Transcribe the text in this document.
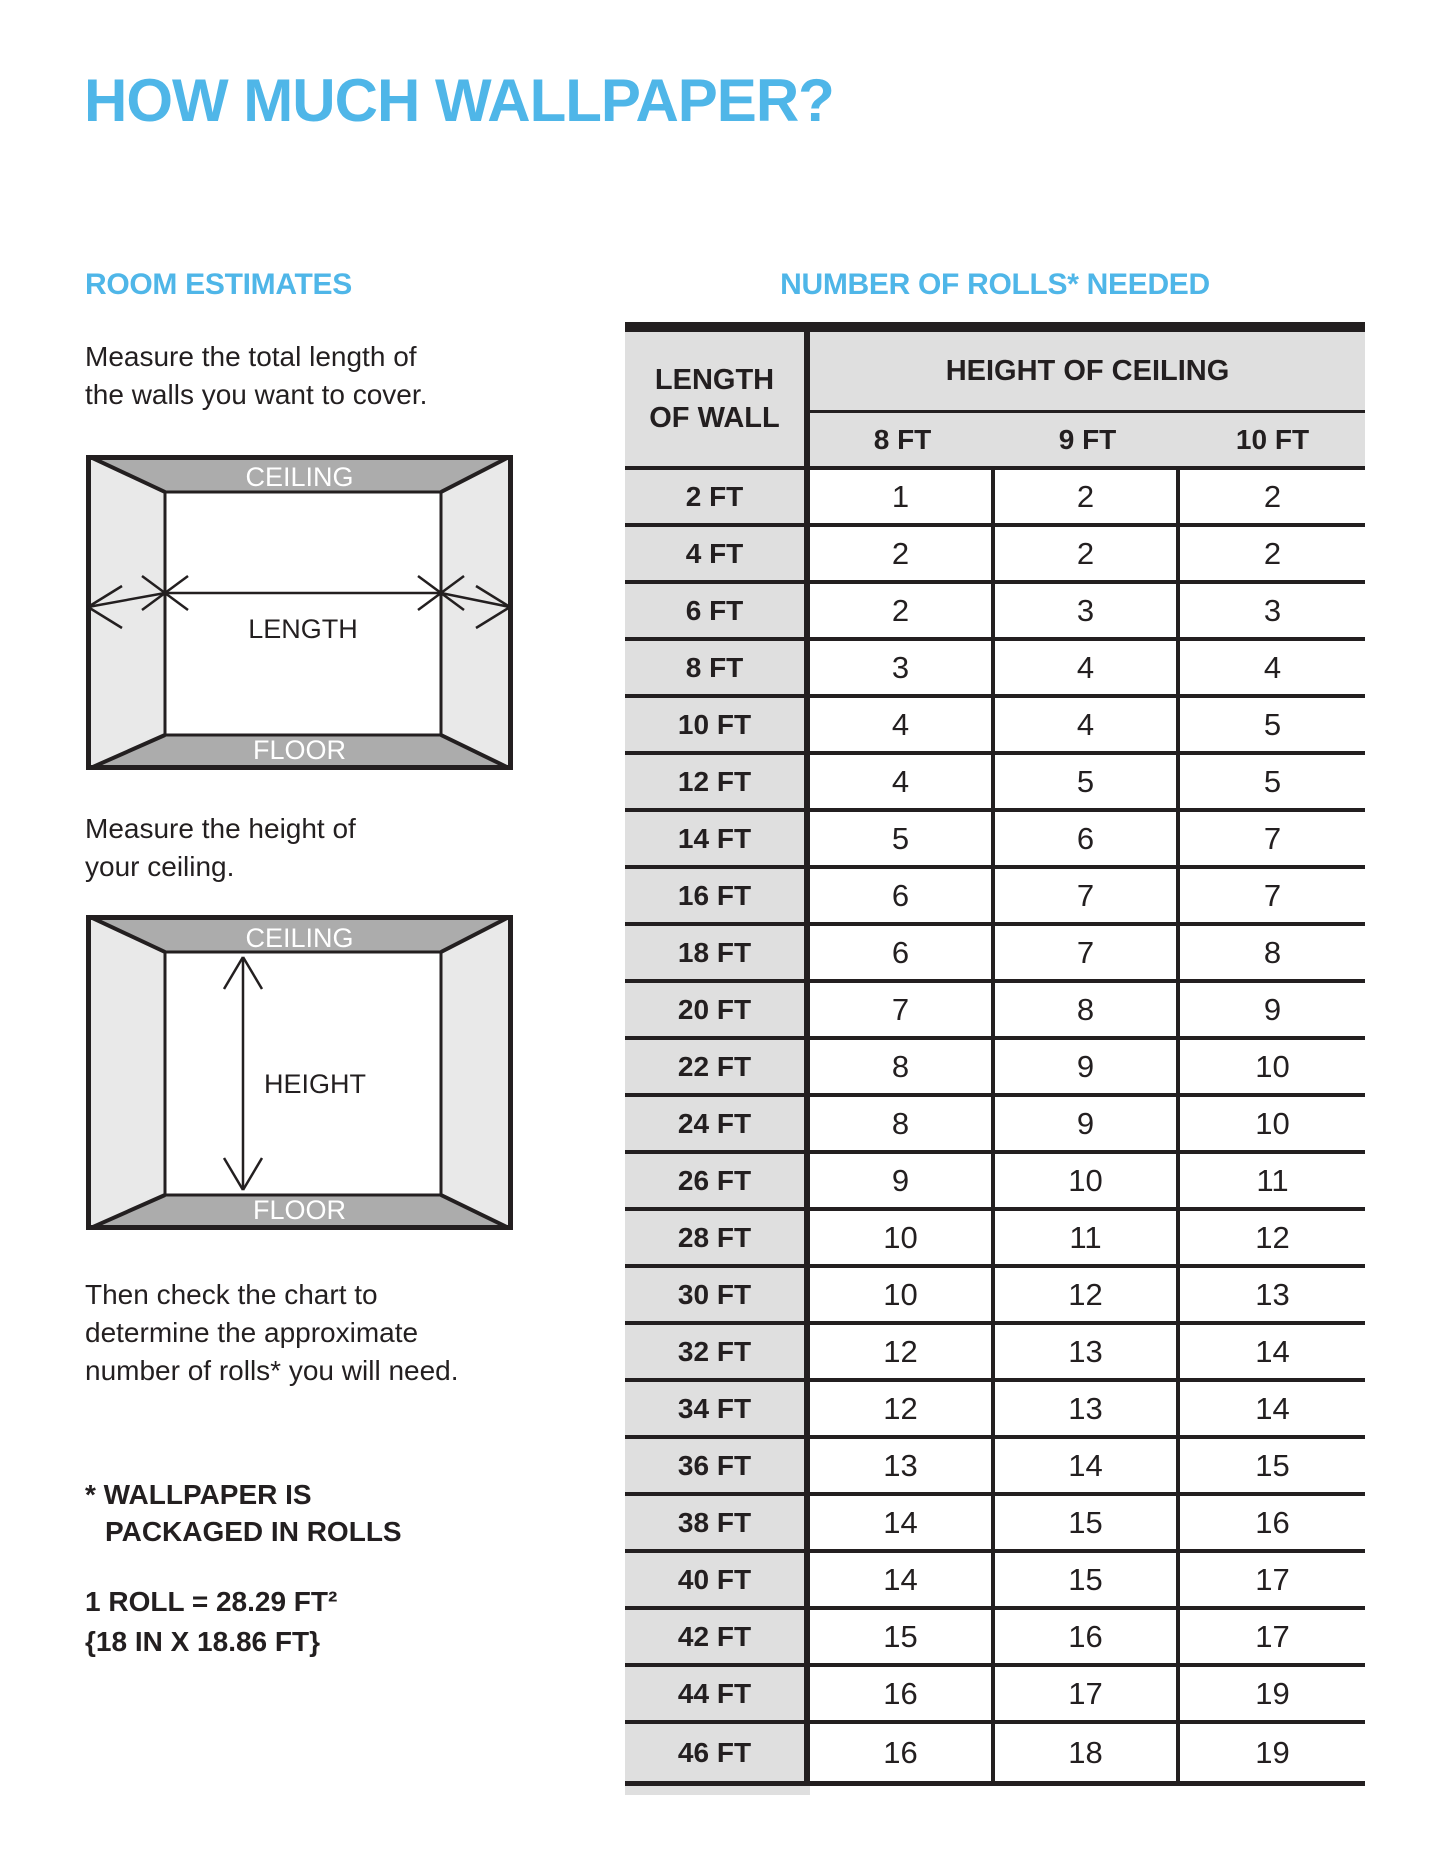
HOW MUCH WALLPAPER?
ROOM ESTIMATES	NUMBER OF ROLLS* NEEDED
Measure the total length of
the walls you want to cover.
CEILING
FLOOR
LENGTH
Measure the height of
your ceiling.
CEILING
FLOOR
HEIGHT
Then check the chart to
determine the approximate
number of rolls* you will need.
* WALLPAPER IS
PACKAGED IN ROLLS
1 ROLL = 28.29 FT²
{18 IN X 18.86 FT}
LENGTH
OF WALL
HEIGHT OF CEILING
8 FT	9 FT	10 FT
2 FT	1	2	2
4 FT	2	2	2
6 FT	2	3	3
8 FT	3	4	4
10 FT	4	4	5
12 FT	4	5	5
14 FT	5	6	7
16 FT	6	7	7
18 FT	6	7	8
20 FT	7	8	9
22 FT	8	9	10
24 FT	8	9	10
26 FT	9	10	11
28 FT	10	11	12
30 FT	10	12	13
32 FT	12	13	14
34 FT	12	13	14
36 FT	13	14	15
38 FT	14	15	16
40 FT	14	15	17
42 FT	15	16	17
44 FT	16	17	19
46 FT	16	18	19
